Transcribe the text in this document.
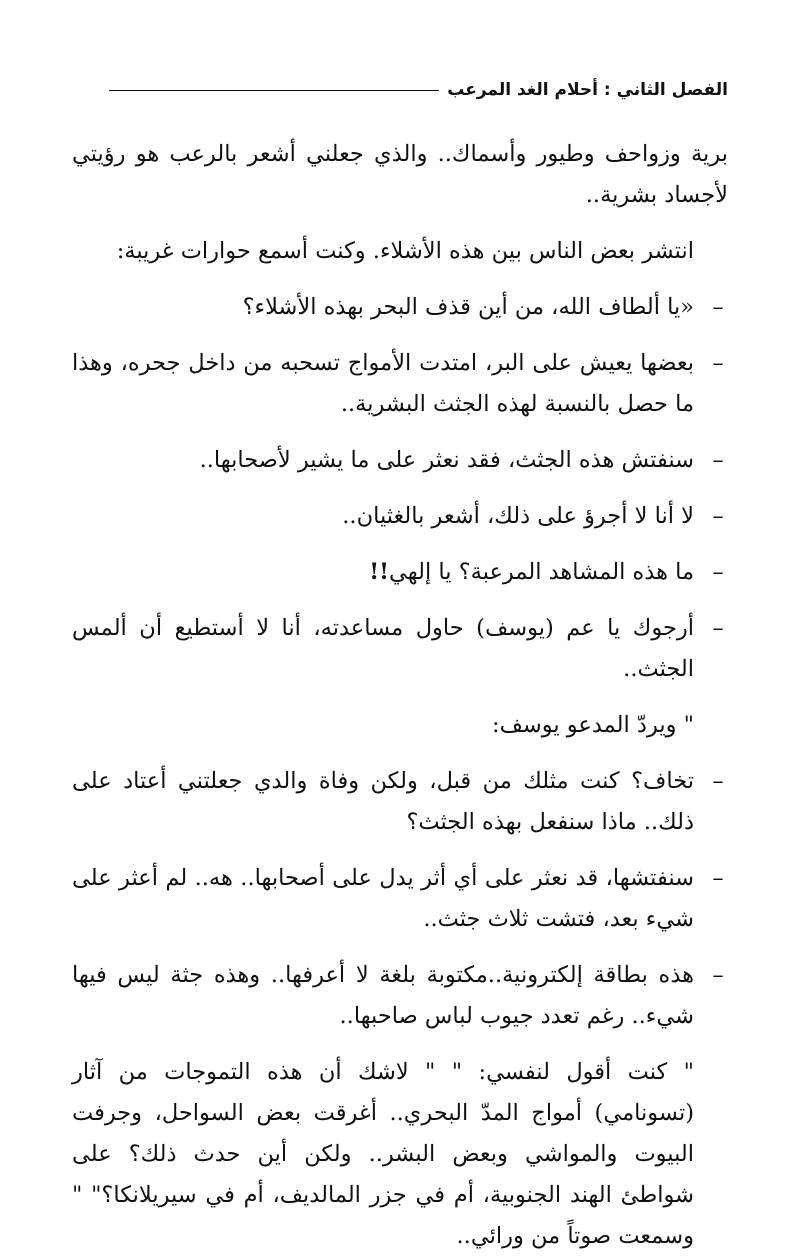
الفصل الثاني : أحلام الغد المرعب

برية وزواحف وطيور وأسماك.. والذي جعلني أشعر بالرعب هو رؤيتي لأجساد بشرية..

انتشر بعض الناس بين هذه الأشلاء. وكنت أسمع حوارات غريبة:

–
«يا ألطاف الله، من أين قذف البحر بهذه الأشلاء؟
–
بعضها يعيش على البر، امتدت الأمواج تسحبه من داخل جحره، وهذا ما حصل بالنسبة لهذه الجثث البشرية..
–
سنفتش هذه الجثث، فقد نعثر على ما يشير لأصحابها..
–
لا أنا لا أجرؤ على ذلك، أشعر بالغثيان..
–
ما هذه المشاهد المرعبة؟ يا إلهي!!
–
أرجوك يا عم (يوسف) حاول مساعدته، أنا لا أستطيع أن ألمس الجثث..

" ويردّ المدعو يوسف:

–
تخاف؟ كنت مثلك من قبل، ولكن وفاة والدي جعلتني أعتاد على ذلك.. ماذا سنفعل بهذه الجثث؟
–
سنفتشها، قد نعثر على أي أثر يدل على أصحابها.. هه.. لم أعثر على شيء بعد، فتشت ثلاث جثث..
–
هذه بطاقة إلكترونية..مكتوبة بلغة لا أعرفها.. وهذه جثة ليس فيها شيء.. رغم تعدد جيوب لباس صاحبها..

" كنت أقول لنفسي: " " لاشك أن هذه التموجات من آثار (تسونامي) أمواج المدّ البحري.. أغرقت بعض السواحل، وجرفت البيوت والمواشي وبعض البشر.. ولكن أين حدث ذلك؟ على شواطئ الهند الجنوبية، أم في جزر المالديف، أم في سيريلانكا؟" " وسمعت صوتاً من ورائي..
